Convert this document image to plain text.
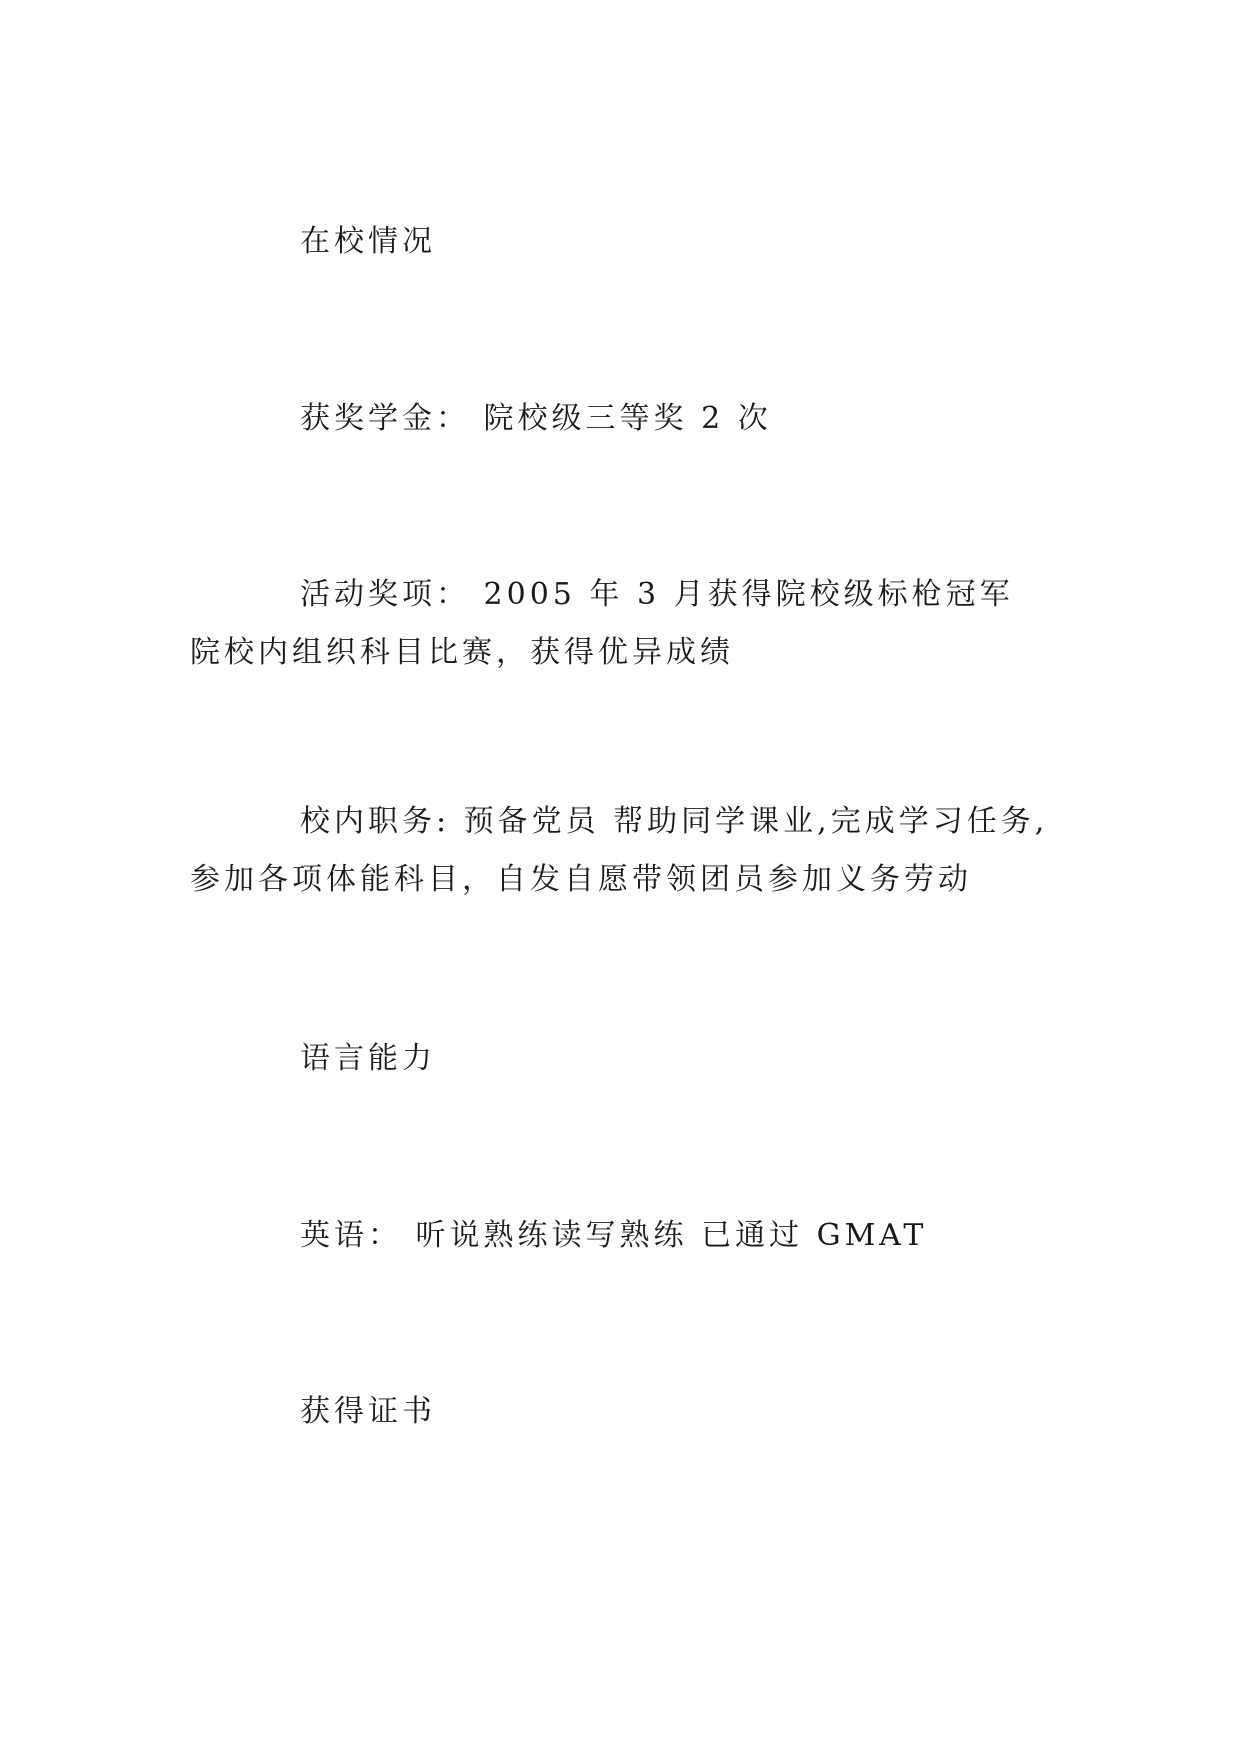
在校情况

获奖学金： 院校级三等奖 2 次

活动奖项： 2005 年 3 月获得院校级标枪冠军 院校内组织科目比赛，获得优异成绩

校内职务: 预备党员 帮助同学课业,完成学习任务,参加各项体能科目，自发自愿带领团员参加义务劳动

语言能力

英语： 听说熟练读写熟练 已通过 GMAT

获得证书
